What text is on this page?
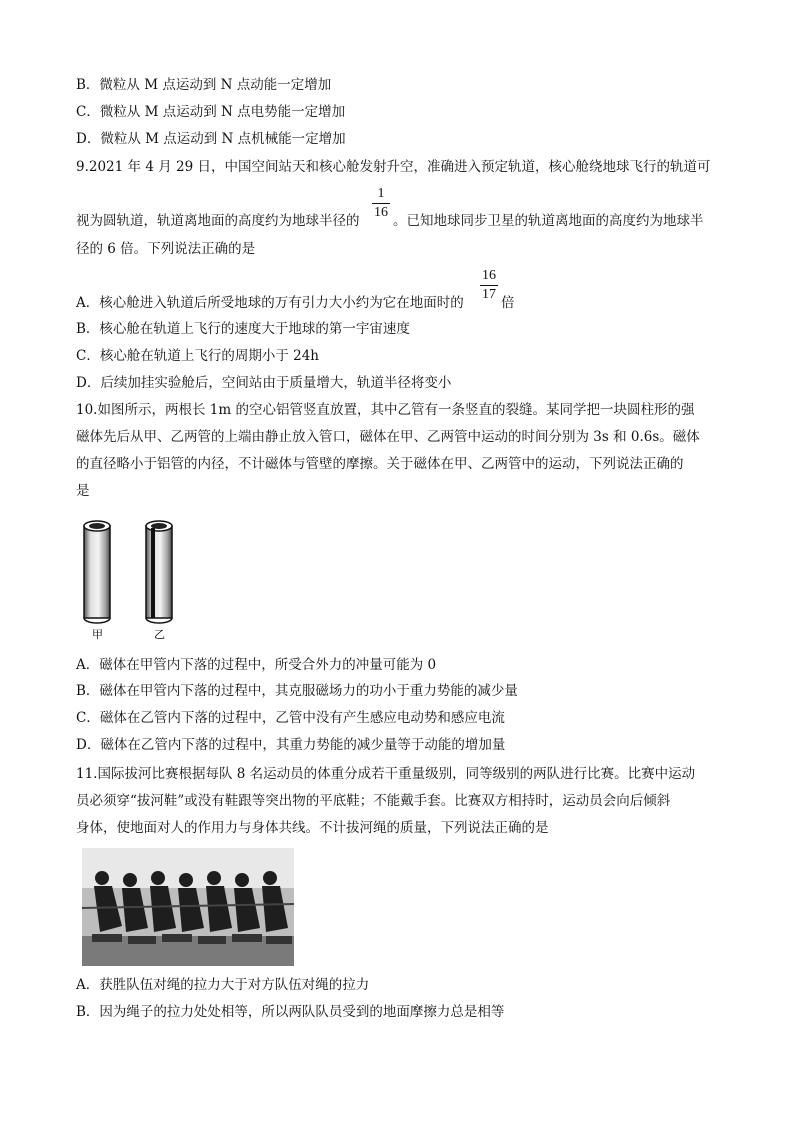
B．微粒从 M 点运动到 N 点动能一定增加
C．微粒从 M 点运动到 N 点电势能一定增加
D．微粒从 M 点运动到 N 点机械能一定增加
9.2021 年 4 月 29 日，中国空间站天和核心舱发射升空，准确进入预定轨道，核心舱绕地球飞行的轨道可
视为圆轨道，轨道离地面的高度约为地球半径的
1
16
。已知地球同步卫星的轨道离地面的高度约为地球半
径的 6 倍。下列说法正确的是
A．核心舱进入轨道后所受地球的万有引力大小约为它在地面时的
16
17
倍
B．核心舱在轨道上飞行的速度大于地球的第一宇宙速度
C．核心舱在轨道上飞行的周期小于 24h
D．后续加挂实验舱后，空间站由于质量增大，轨道半径将变小
10.如图所示，两根长 1m 的空心铝管竖直放置，其中乙管有一条竖直的裂缝。某同学把一块圆柱形的强
磁体先后从甲、乙两管的上端由静止放入管口，磁体在甲、乙两管中运动的时间分别为 3s 和 0.6s。磁体
的直径略小于铝管的内径，不计磁体与管壁的摩擦。关于磁体在甲、乙两管中的运动，下列说法正确的
是
甲	乙
A．磁体在甲管内下落的过程中，所受合外力的冲量可能为 0
B．磁体在甲管内下落的过程中，其克服磁场力的功小于重力势能的减少量
C．磁体在乙管内下落的过程中，乙管中没有产生感应电动势和感应电流
D．磁体在乙管内下落的过程中，其重力势能的减少量等于动能的增加量
11.国际拔河比赛根据每队 8 名运动员的体重分成若干重量级别，同等级别的两队进行比赛。比赛中运动
员必须穿“拔河鞋”或没有鞋跟等突出物的平底鞋；不能戴手套。比赛双方相持时，运动员会向后倾斜
身体，使地面对人的作用力与身体共线。不计拔河绳的质量，下列说法正确的是
A．获胜队伍对绳的拉力大于对方队伍对绳的拉力
B．因为绳子的拉力处处相等，所以两队队员受到的地面摩擦力总是相等
